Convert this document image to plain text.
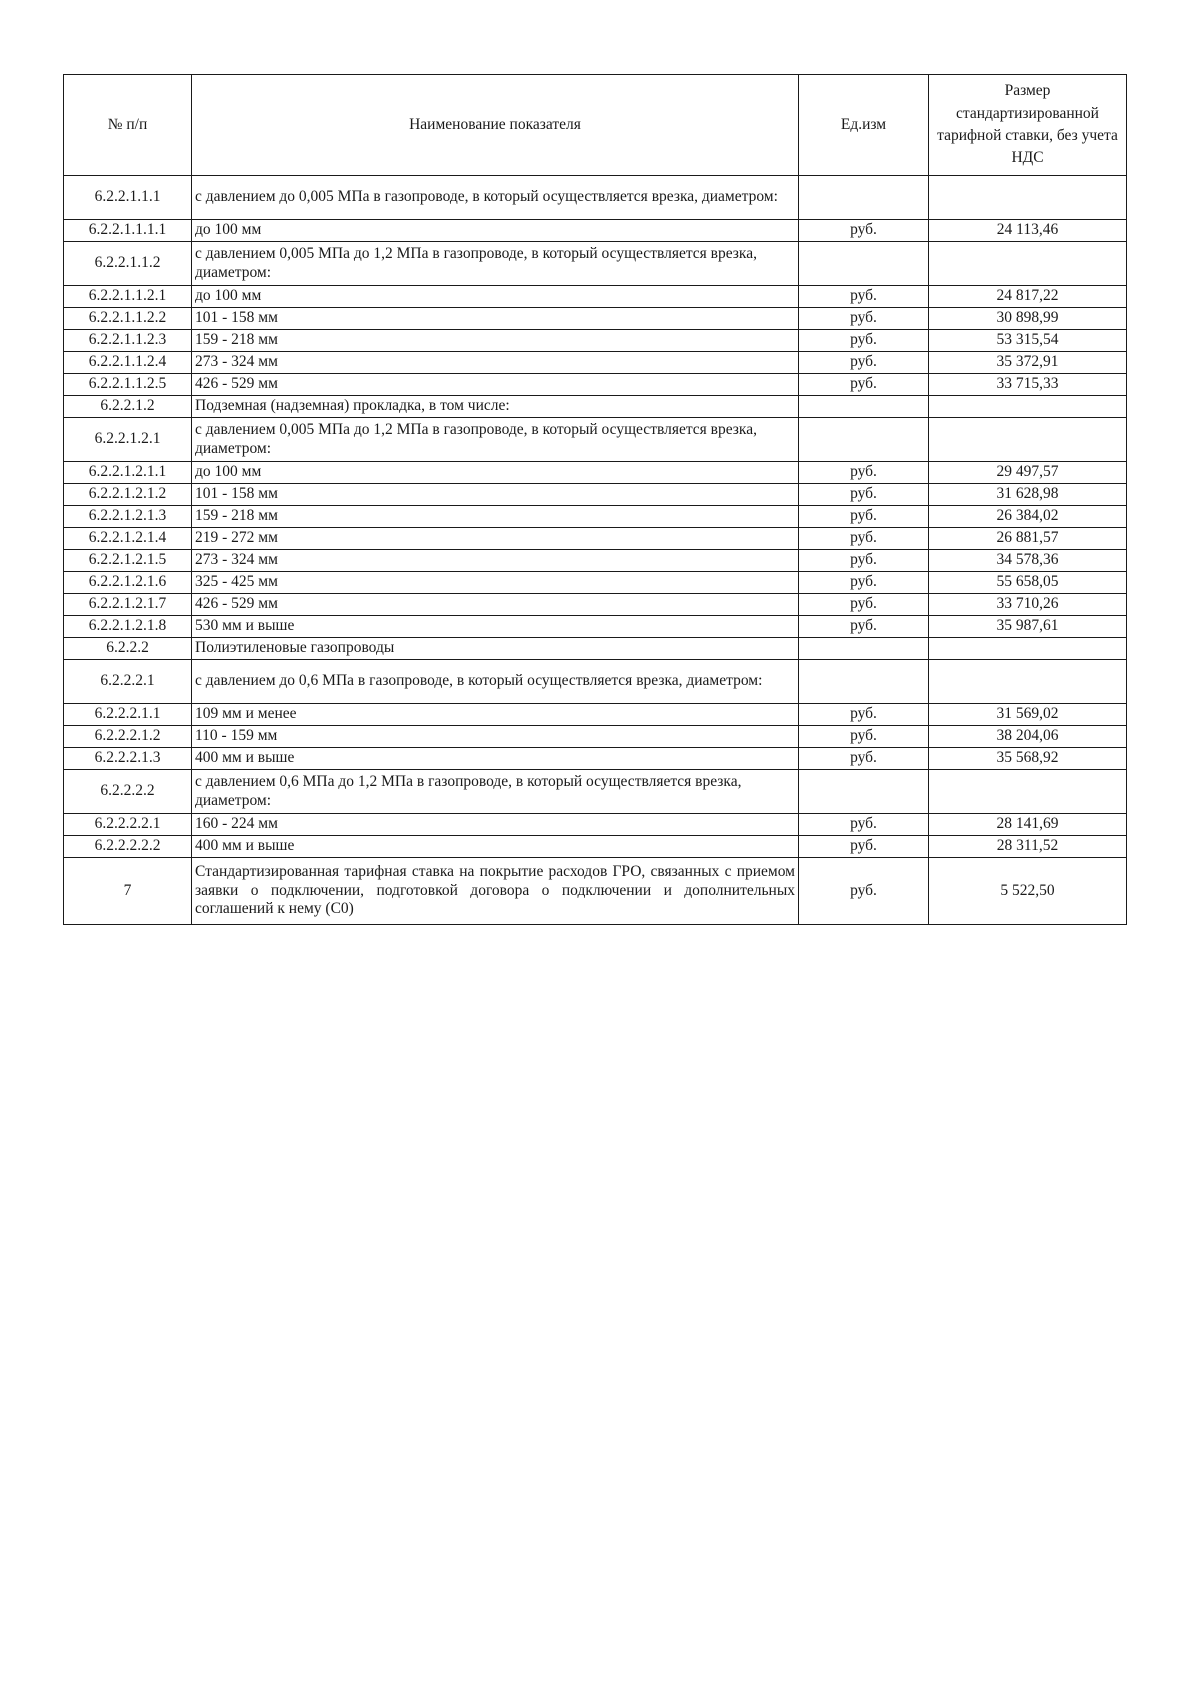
№ п/п	Наименование показателя	Ед.изм	Размер стандартизированной тарифной ставки, без учета НДС
6.2.2.1.1.1	с давлением до 0,005 МПа в газопроводе, в который осуществляется врезка, диаметром:		
6.2.2.1.1.1.1	до 100 мм	руб.	24 113,46
6.2.2.1.1.2	с давлением 0,005 МПа до 1,2 МПа в газопроводе, в который осуществляется врезка, диаметром:		
6.2.2.1.1.2.1	до 100 мм	руб.	24 817,22
6.2.2.1.1.2.2	101 - 158 мм	руб.	30 898,99
6.2.2.1.1.2.3	159 - 218 мм	руб.	53 315,54
6.2.2.1.1.2.4	273 - 324 мм	руб.	35 372,91
6.2.2.1.1.2.5	426 - 529 мм	руб.	33 715,33
6.2.2.1.2	Подземная (надземная) прокладка, в том числе:		
6.2.2.1.2.1	с давлением 0,005 МПа до 1,2 МПа в газопроводе, в который осуществляется врезка, диаметром:		
6.2.2.1.2.1.1	до 100 мм	руб.	29 497,57
6.2.2.1.2.1.2	101 - 158 мм	руб.	31 628,98
6.2.2.1.2.1.3	159 - 218 мм	руб.	26 384,02
6.2.2.1.2.1.4	219 - 272 мм	руб.	26 881,57
6.2.2.1.2.1.5	273 - 324 мм	руб.	34 578,36
6.2.2.1.2.1.6	325 - 425 мм	руб.	55 658,05
6.2.2.1.2.1.7	426 - 529 мм	руб.	33 710,26
6.2.2.1.2.1.8	530 мм и выше	руб.	35 987,61
6.2.2.2	Полиэтиленовые газопроводы		
6.2.2.2.1	с давлением до 0,6 МПа в газопроводе, в который осуществляется врезка, диаметром:		
6.2.2.2.1.1	109 мм и менее	руб.	31 569,02
6.2.2.2.1.2	110 - 159 мм	руб.	38 204,06
6.2.2.2.1.3	400 мм и выше	руб.	35 568,92
6.2.2.2.2	с давлением 0,6 МПа до 1,2 МПа в газопроводе, в который осуществляется врезка, диаметром:		
6.2.2.2.2.1	160 - 224 мм	руб.	28 141,69
6.2.2.2.2.2	400 мм и выше	руб.	28 311,52
7	Стандартизированная тарифная ставка на покрытие расходов ГРО, связанных с приемом заявки о подключении, подготовкой договора о подключении и дополнительных соглашений к нему (С0)	руб.	5 522,50
